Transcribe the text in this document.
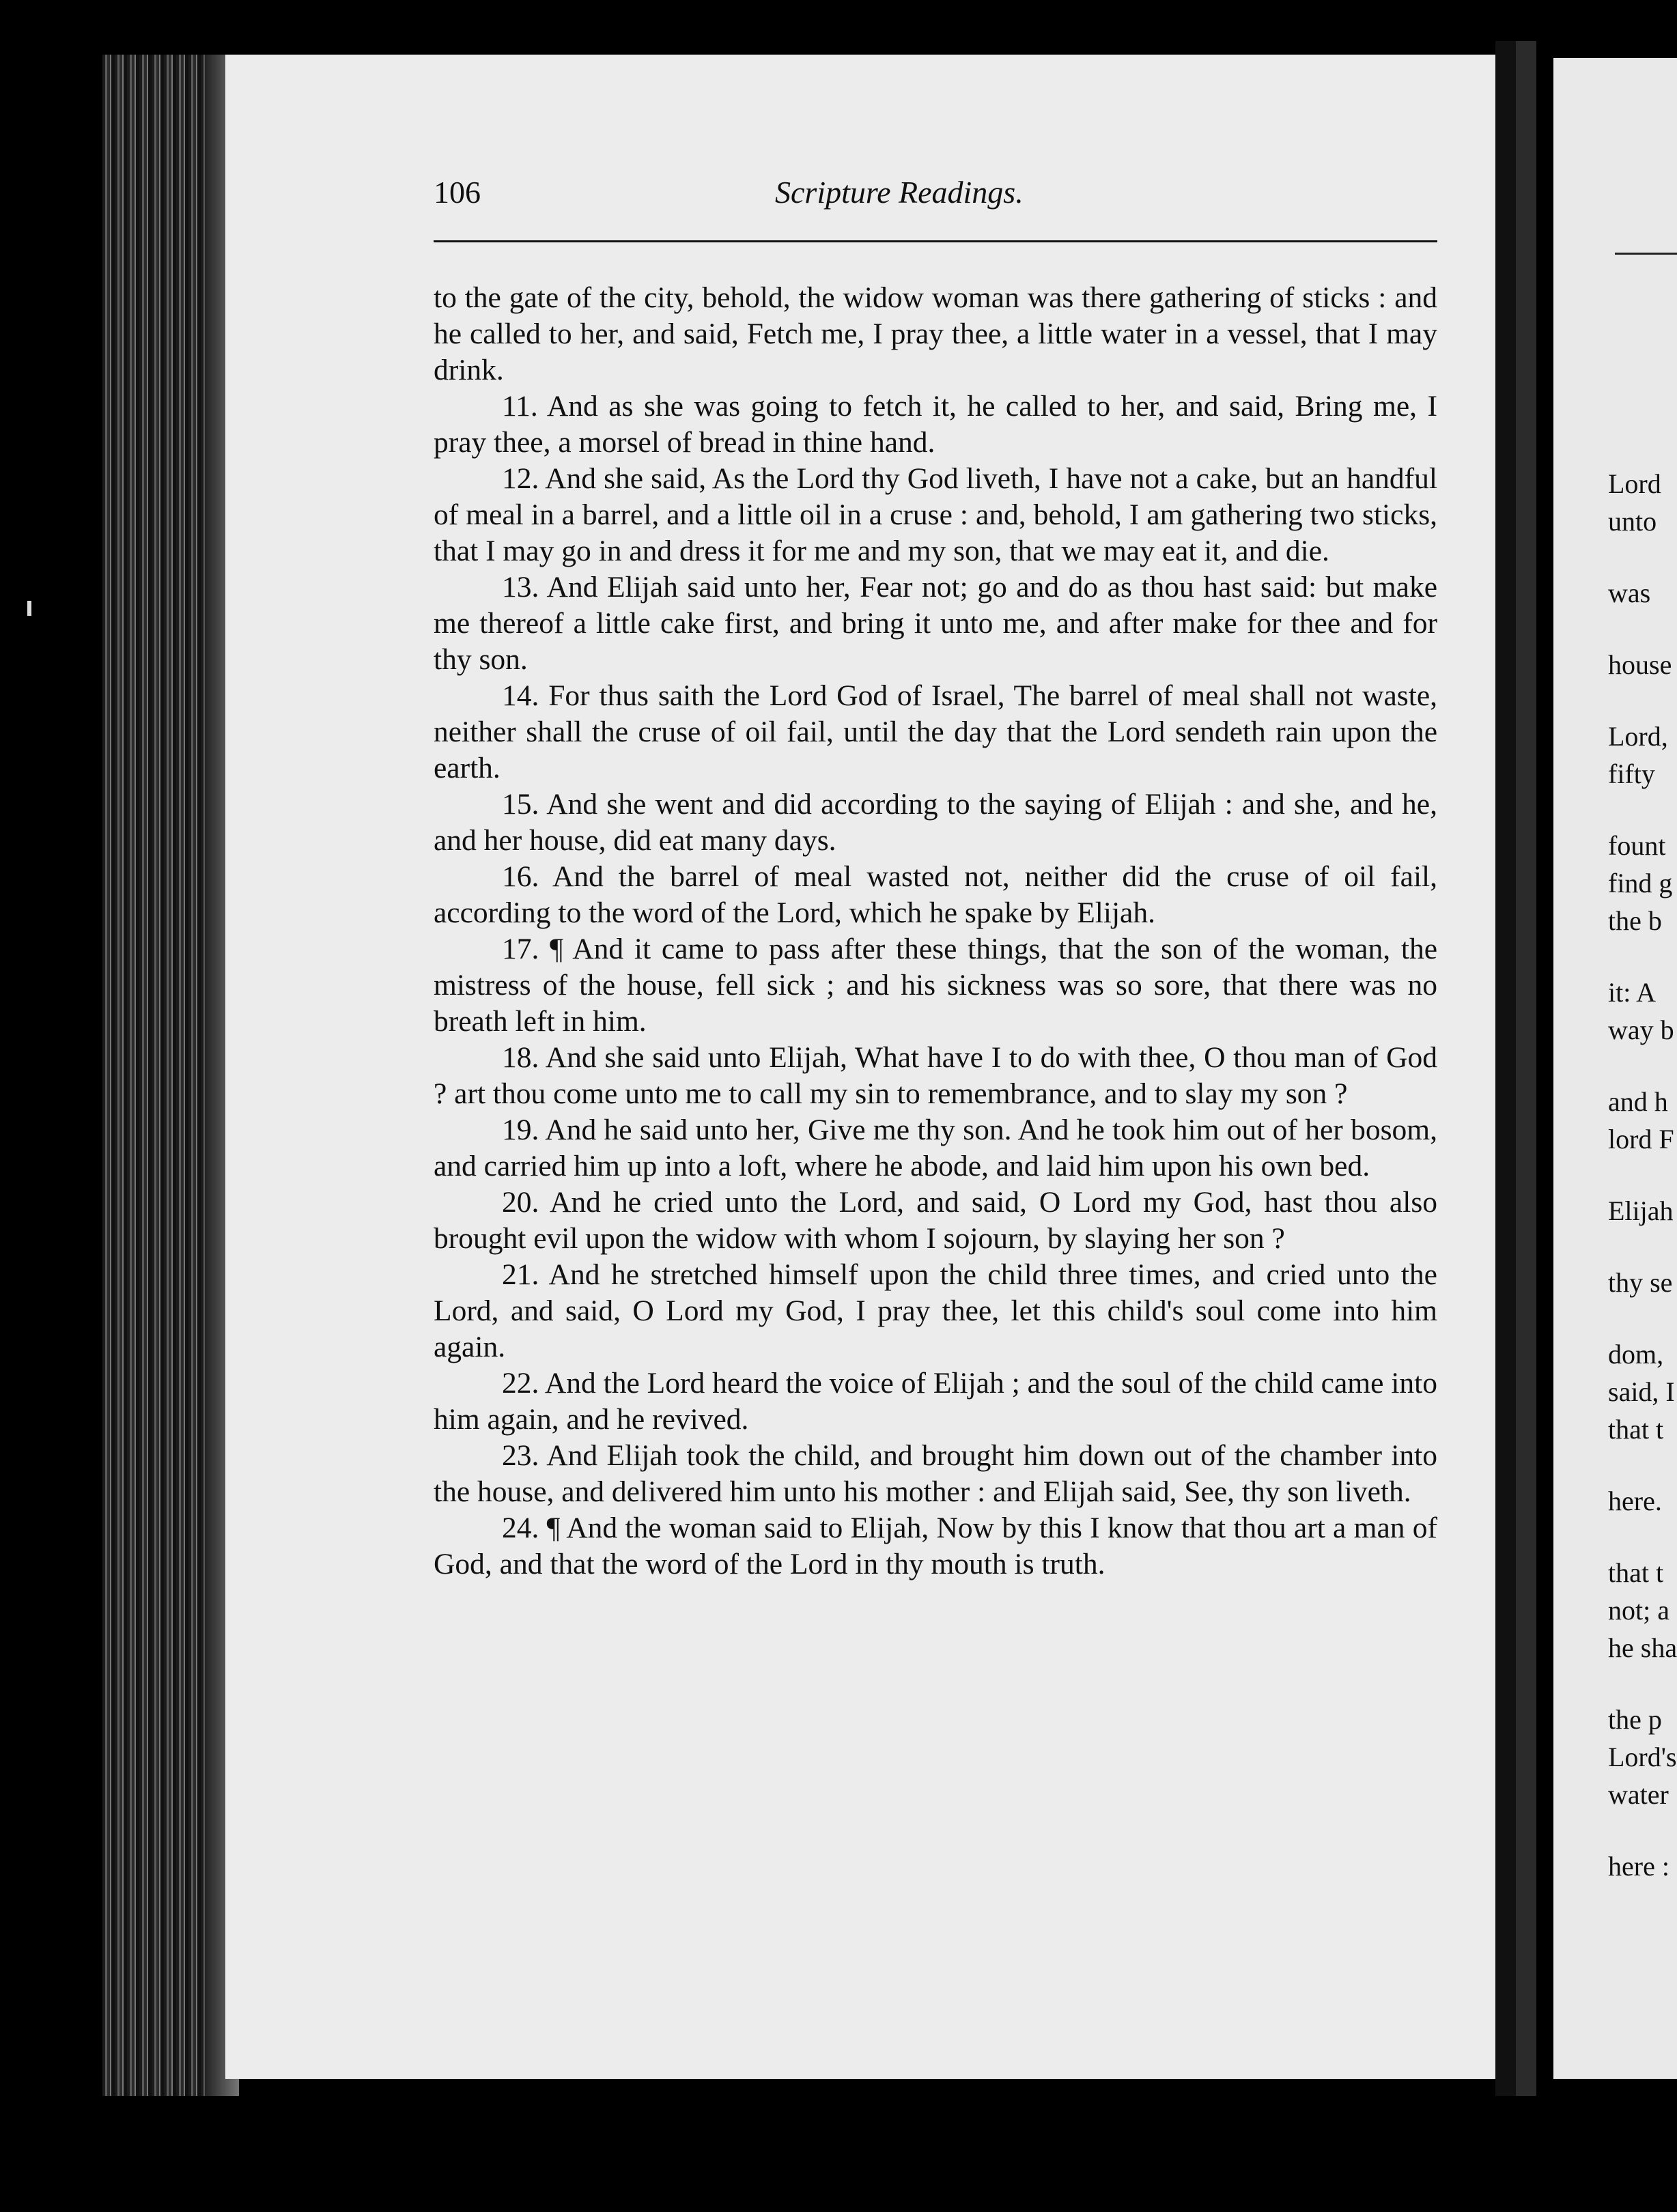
106	Scripture Readings.

to the gate of the city, behold, the widow woman was there gathering of sticks : and he called to her, and said, Fetch me, I pray thee, a little water in a vessel, that I may drink.

11. And as she was going to fetch it, he called to her, and said, Bring me, I pray thee, a morsel of bread in thine hand.

12. And she said, As the Lord thy God liveth, I have not a cake, but an handful of meal in a barrel, and a little oil in a cruse : and, behold, I am gathering two sticks, that I may go in and dress it for me and my son, that we may eat it, and die.

13. And Elijah said unto her, Fear not; go and do as thou hast said: but make me thereof a little cake first, and bring it unto me, and after make for thee and for thy son.

14. For thus saith the Lord God of Israel, The barrel of meal shall not waste, neither shall the cruse of oil fail, until the day that the Lord sendeth rain upon the earth.

15. And she went and did according to the saying of Elijah : and she, and he, and her house, did eat many days.

16. And the barrel of meal wasted not, neither did the cruse of oil fail, according to the word of the Lord, which he spake by Elijah.

17. ¶ And it came to pass after these things, that the son of the woman, the mistress of the house, fell sick ; and his sickness was so sore, that there was no breath left in him.

18. And she said unto Elijah, What have I to do with thee, O thou man of God ? art thou come unto me to call my sin to remembrance, and to slay my son ?

19. And he said unto her, Give me thy son. And he took him out of her bosom, and carried him up into a loft, where he abode, and laid him upon his own bed.

20. And he cried unto the Lord, and said, O Lord my God, hast thou also brought evil upon the widow with whom I sojourn, by slaying her son ?

21. And he stretched himself upon the child three times, and cried unto the Lord, and said, O Lord my God, I pray thee, let this child's soul come into him again.

22. And the Lord heard the voice of Elijah ; and the soul of the child came into him again, and he revived.

23. And Elijah took the child, and brought him down out of the chamber into the house, and delivered him unto his mother : and Elijah said, See, thy son liveth.

24. ¶ And the woman said to Elijah, Now by this I know that thou art a man of God, and that the word of the Lord in thy mouth is truth.

Lord
unto
was
house
Lord,
fifty
fount
find g
the b
it: A
way b
and h
lord F
Elijah
thy se
dom,
said, I
that t
here.
that t
not; a
he sha
the p
Lord's
water
here :
